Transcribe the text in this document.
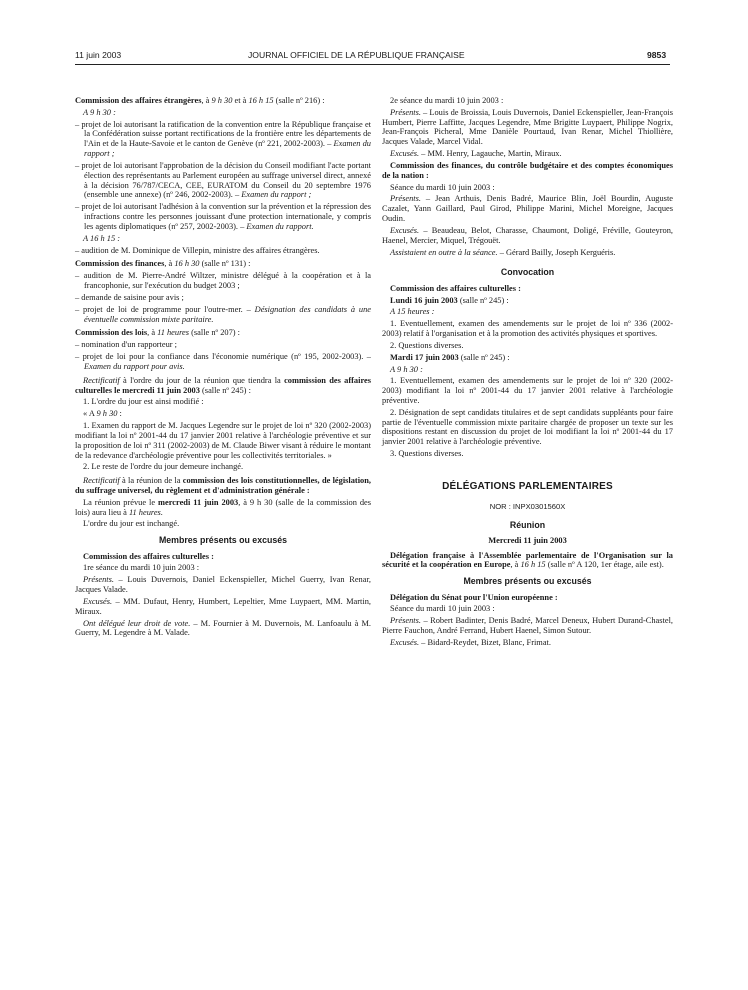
11 juin 2003	JOURNAL OFFICIEL DE LA RÉPUBLIQUE FRANÇAISE	9853

Commission des affaires étrangères, à 9 h 30 et à 16 h 15 (salle nº 216) :

A 9 h 30 :

– projet de loi autorisant la ratification de la convention entre la République française et la Confédération suisse portant rectifications de la frontière entre les départements de l'Ain et de la Haute-Savoie et le canton de Genève (nº 221, 2002-2003). – Examen du rapport ;

– projet de loi autorisant l'approbation de la décision du Conseil modifiant l'acte portant élection des représentants au Parlement européen au suffrage universel direct, annexé à la décision 76/787/CECA, CEE, EURATOM du Conseil du 20 septembre 1976 (ensemble une annexe) (nº 246, 2002-2003). – Examen du rapport ;

– projet de loi autorisant l'adhésion à la convention sur la prévention et la répression des infractions contre les personnes jouissant d'une protection internationale, y compris les agents diplomatiques (nº 257, 2002-2003). – Examen du rapport.

A 16 h 15 :

– audition de M. Dominique de Villepin, ministre des affaires étrangères.

Commission des finances, à 16 h 30 (salle nº 131) :

– audition de M. Pierre-André Wiltzer, ministre délégué à la coopération et à la francophonie, sur l'exécution du budget 2003 ;

– demande de saisine pour avis ;

– projet de loi de programme pour l'outre-mer. – Désignation des candidats à une éventuelle commission mixte paritaire.

Commission des lois, à 11 heures (salle nº 207) :

– nomination d'un rapporteur ;

– projet de loi pour la confiance dans l'économie numérique (nº 195, 2002-2003). – Examen du rapport pour avis.

Rectificatif à l'ordre du jour de la réunion que tiendra la commission des affaires culturelles le mercredi 11 juin 2003 (salle nº 245) :

1. L'ordre du jour est ainsi modifié :

« A 9 h 30 :

1. Examen du rapport de M. Jacques Legendre sur le projet de loi nº 320 (2002-2003) modifiant la loi nº 2001-44 du 17 janvier 2001 relative à l'archéologie préventive et sur la proposition de loi nº 311 (2002-2003) de M. Claude Biwer visant à réduire le montant de la redevance d'archéologie préventive pour les collectivités territoriales. »

2. Le reste de l'ordre du jour demeure inchangé.

Rectificatif à la réunion de la commission des lois constitutionnelles, de législation, du suffrage universel, du règlement et d'administration générale :

La réunion prévue le mercredi 11 juin 2003, à 9 h 30 (salle de la commission des lois) aura lieu à 11 heures.

L'ordre du jour est inchangé.

Membres présents ou excusés

Commission des affaires culturelles :

1re séance du mardi 10 juin 2003 :

Présents. – Louis Duvernois, Daniel Eckenspieller, Michel Guerry, Ivan Renar, Jacques Valade.

Excusés. – MM. Dufaut, Henry, Humbert, Lepeltier, Mme Luypaert, MM. Martin, Miraux.

Ont délégué leur droit de vote. – M. Fournier à M. Duvernois, M. Lanfoaulu à M. Guerry, M. Legendre à M. Valade.

2e séance du mardi 10 juin 2003 :

Présents. – Louis de Broissia, Louis Duvernois, Daniel Eckenspieller, Jean-François Humbert, Pierre Laffitte, Jacques Legendre, Mme Brigitte Luypaert, Philippe Nogrix, Jean-François Picheral, Mme Danièle Pourtaud, Ivan Renar, Michel Thiollière, Jacques Valade, Marcel Vidal.

Excusés. – MM. Henry, Lagauche, Martin, Miraux.

Commission des finances, du contrôle budgétaire et des comptes économiques de la nation :

Séance du mardi 10 juin 2003 :

Présents. – Jean Arthuis, Denis Badré, Maurice Blin, Joël Bourdin, Auguste Cazalet, Yann Gaillard, Paul Girod, Philippe Marini, Michel Moreigne, Jacques Oudin.

Excusés. – Beaudeau, Belot, Charasse, Chaumont, Doligé, Fréville, Gouteyron, Haenel, Mercier, Miquel, Trégouët.

Assistaient en outre à la séance. – Gérard Bailly, Joseph Kerguéris.

Convocation

Commission des affaires culturelles :

Lundi 16 juin 2003 (salle nº 245) :

A 15 heures :

1. Eventuellement, examen des amendements sur le projet de loi nº 336 (2002-2003) relatif à l'organisation et à la promotion des activités physiques et sportives.

2. Questions diverses.

Mardi 17 juin 2003 (salle nº 245) :

A 9 h 30 :

1. Eventuellement, examen des amendements sur le projet de loi nº 320 (2002-2003) modifiant la loi nº 2001-44 du 17 janvier 2001 relative à l'archéologie préventive.

2. Désignation de sept candidats titulaires et de sept candidats suppléants pour faire partie de l'éventuelle commission mixte paritaire chargée de proposer un texte sur les dispositions restant en discussion du projet de loi modifiant la loi nº 2001-44 du 17 janvier 2001 relative à l'archéologie préventive.

3. Questions diverses.

DÉLÉGATIONS PARLEMENTAIRES

NOR : INPX0301560X

Réunion

Mercredi 11 juin 2003

Délégation française à l'Assemblée parlementaire de l'Organisation sur la sécurité et la coopération en Europe, à 16 h 15 (salle nº A 120, 1er étage, aile est).

Membres présents ou excusés

Délégation du Sénat pour l'Union européenne :

Séance du mardi 10 juin 2003 :

Présents. – Robert Badinter, Denis Badré, Marcel Deneux, Hubert Durand-Chastel, Pierre Fauchon, André Ferrand, Hubert Haenel, Simon Sutour.

Excusés. – Bidard-Reydet, Bizet, Blanc, Frimat.
